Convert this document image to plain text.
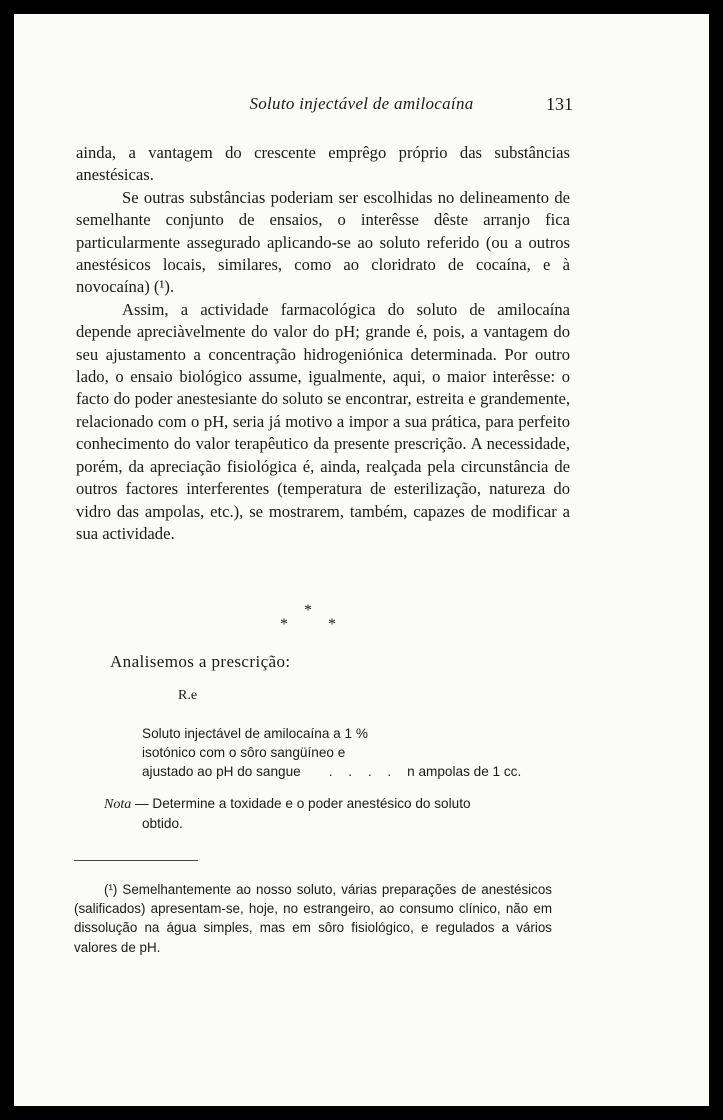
Soluto injectável de amilocaína	131

ainda, a vantagem do crescente emprêgo próprio das substâncias anestésicas.

Se outras substâncias poderiam ser escolhidas no delineamento de semelhante conjunto de ensaios, o interêsse dêste arranjo fica particularmente assegurado aplicando-se ao soluto referido (ou a outros anestésicos locais, similares, como ao cloridrato de cocaína, e à novocaína) (¹).

Assim, a actividade farmacológica do soluto de amilocaína depende apreciàvelmente do valor do pH; grande é, pois, a vantagem do seu ajustamento a concentração hidrogeniónica determinada. Por outro lado, o ensaio biológico assume, igualmente, aqui, o maior interêsse: o facto do poder anestesiante do soluto se encontrar, estreita e grandemente, relacionado com o pH, seria já motivo a impor a sua prática, para perfeito conhecimento do valor terapêutico da presente prescrição. A necessidade, porém, da apreciação fisiológica é, ainda, realçada pela circunstância de outros factores interferentes (temperatura de esterilização, natureza do vidro das ampolas, etc.), se mostrarem, também, capazes de modificar a sua actividade.

*
*	*
Analisemos a prescrição:
R.e
Soluto injectável de amilocaína a 1 %
isotónico com o sôro sangüíneo e
ajustado ao pH do sangue . . . . n ampolas de 1 cc.
Nota — Determine a toxidade e o poder anestésico do soluto
obtido.
(¹) Semelhantemente ao nosso soluto, várias preparações de anestésicos (salificados) apresentam-se, hoje, no estrangeiro, ao consumo clínico, não em dissolução na água simples, mas em sôro fisiológico, e regulados a vários valores de pH.
